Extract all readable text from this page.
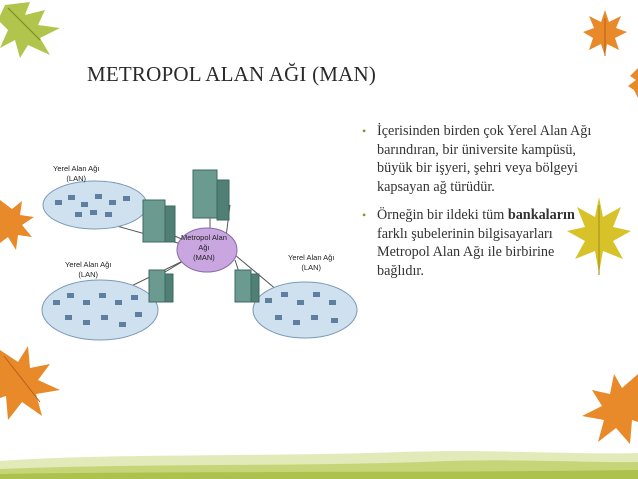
METROPOL ALAN AĞI (MAN)
• İçerisinden birden çok Yerel Alan Ağı barındıran, bir üniversite kampüsü, büyük bir işyeri, şehri veya bölgeyi kapsayan ağ türüdür.
• Örneğin bir ildeki tüm bankaların farklı şubelerinin bilgisayarları Metropol Alan Ağı ile birbirine bağlıdır.
Yerel Alan Ağı
(LAN)
Yerel Alan Ağı
(LAN)
Yerel Alan Ağı
(LAN)
Metropol Alan
Ağı
(MAN)
